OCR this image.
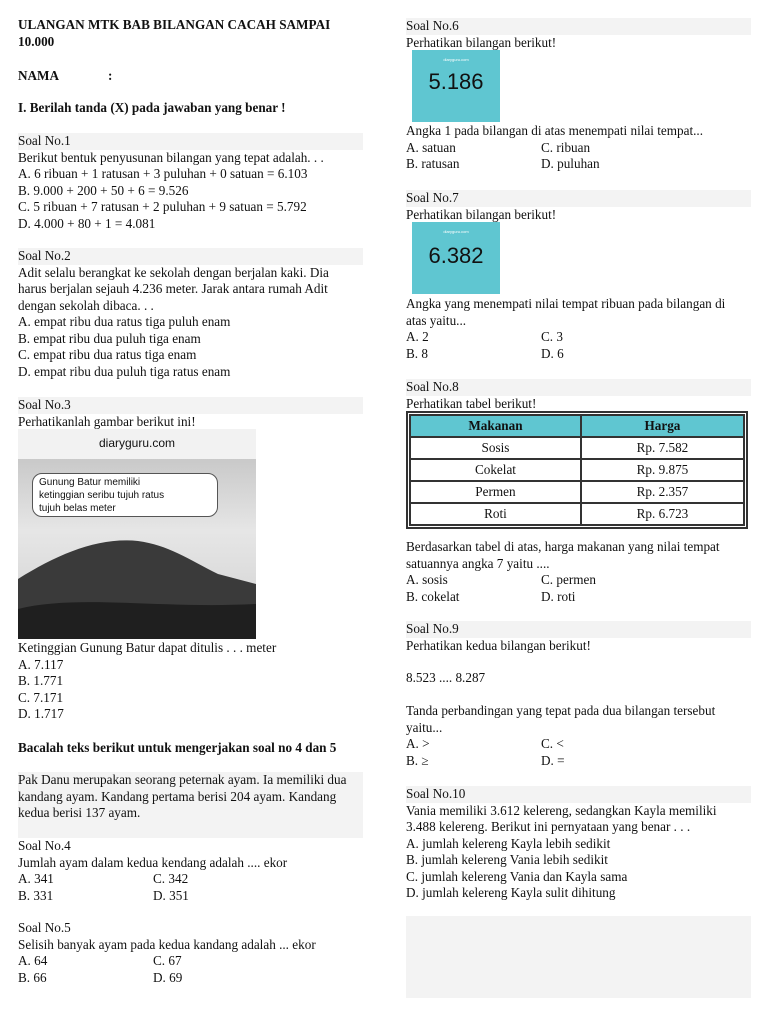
ULANGAN MTK BAB BILANGAN CACAH SAMPAI
10.000
NAMA	:
I. Berilah tanda (X) pada jawaban yang benar !
Soal No.1
Berikut bentuk penyusunan bilangan yang tepat adalah. . .
A. 6 ribuan + 1 ratusan + 3 puluhan + 0 satuan = 6.103
B. 9.000 + 200 + 50 + 6 = 9.526
C. 5 ribuan + 7 ratusan + 2 puluhan + 9 satuan = 5.792
D. 4.000 + 80 + 1 = 4.081
Soal No.2
Adit selalu berangkat ke sekolah dengan berjalan kaki. Dia
harus berjalan sejauh 4.236 meter. Jarak antara rumah Adit
dengan sekolah dibaca. . .
A. empat ribu dua ratus tiga puluh enam
B. empat ribu dua puluh tiga enam
C. empat ribu dua ratus tiga enam
D. empat ribu dua puluh tiga ratus enam
Soal No.3
Perhatikanlah gambar berikut ini!
diaryguru.com
Gunung Batur memiliki
ketinggian seribu tujuh ratus
tujuh belas meter
Ketinggian Gunung Batur dapat ditulis . . . meter
A. 7.117
B. 1.771
C. 7.171
D. 1.717
Bacalah teks berikut untuk mengerjakan soal no 4 dan 5
Pak Danu merupakan seorang peternak ayam. Ia memiliki dua
kandang ayam. Kandang pertama berisi 204 ayam. Kandang
kedua berisi 137 ayam.
Soal No.4
Jumlah ayam dalam kedua kendang adalah .... ekor
A. 341	C. 342
B. 331	D. 351
Soal No.5
Selisih banyak ayam pada kedua kandang adalah ... ekor
A. 64	C. 67
B. 66	D. 69
Soal No.6
Perhatikan bilangan berikut!
diaryguru.com
5.186
Angka 1 pada bilangan di atas menempati nilai tempat...
A. satuan	C. ribuan
B. ratusan	D. puluhan
Soal No.7
Perhatikan bilangan berikut!
diaryguru.com
6.382
Angka yang menempati nilai tempat ribuan pada bilangan di
atas yaitu...
A. 2	C. 3
B. 8	D. 6
Soal No.8
Perhatikan tabel berikut!
Makanan	Harga
Sosis	Rp. 7.582
Cokelat	Rp. 9.875
Permen	Rp. 2.357
Roti	Rp. 6.723
Berdasarkan tabel di atas, harga makanan yang nilai tempat
satuannya angka 7 yaitu ....
A. sosis	C. permen
B. cokelat	D. roti
Soal No.9
Perhatikan kedua bilangan berikut!
8.523 .... 8.287
Tanda perbandingan yang tepat pada dua bilangan tersebut
yaitu...
A. >	C. <
B. ≥	D. =
Soal No.10
Vania memiliki 3.612 kelereng, sedangkan Kayla memiliki
3.488 kelereng. Berikut ini pernyataan yang benar . . .
A. jumlah kelereng Kayla lebih sedikit
B. jumlah kelereng Vania lebih sedikit
C. jumlah kelereng Vania dan Kayla sama
D. jumlah kelereng Kayla sulit dihitung
